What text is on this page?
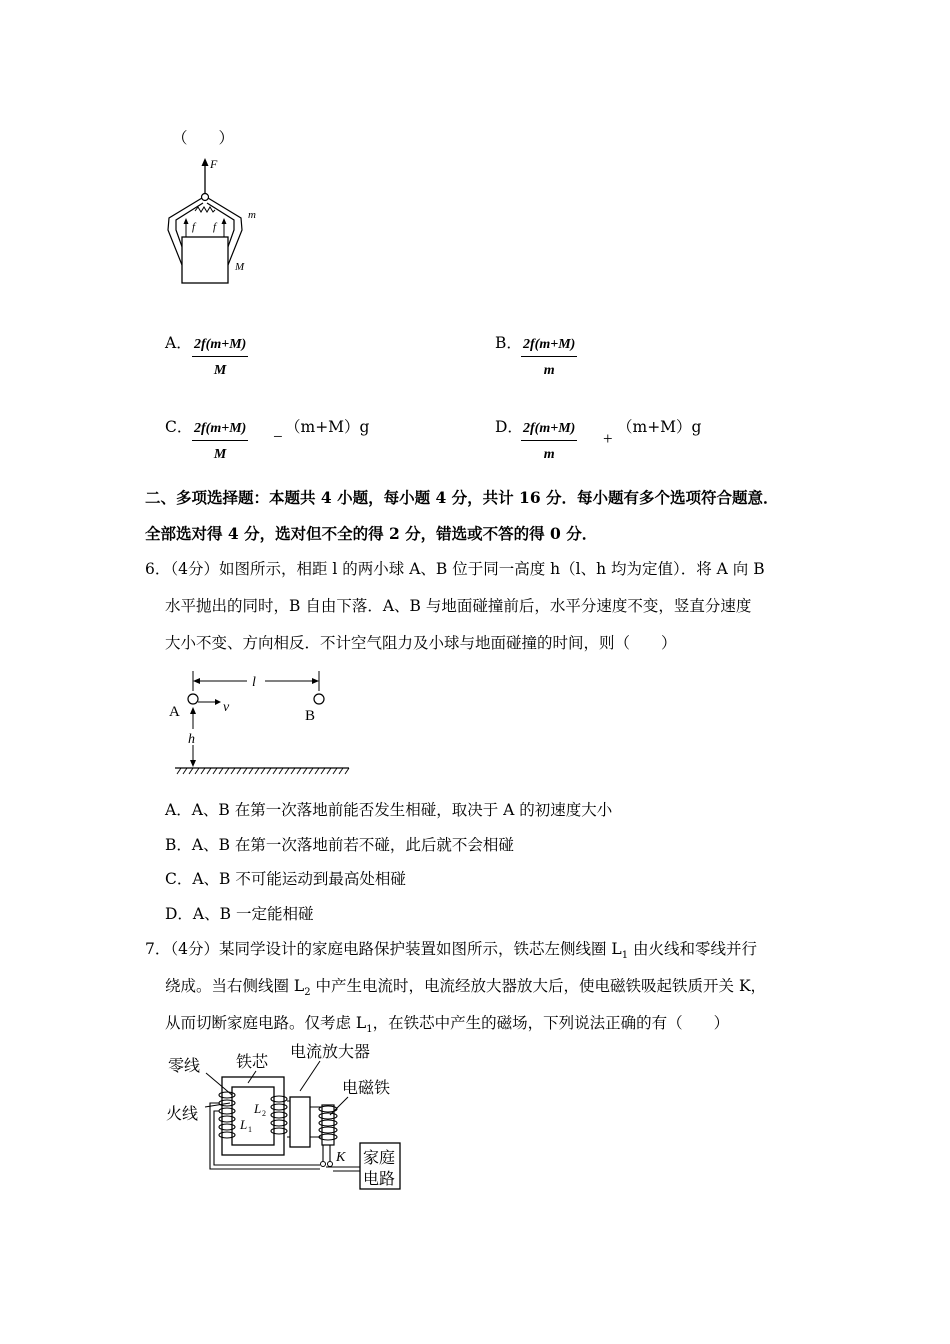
（　　）
F
f f
m
M
A． $\frac{2f(m+M)}{M}$	B． $\frac{2f(m+M)}{m}$
C． $\frac{2f(m+M)}{M} - (m+M)g$	D．
$\frac{2f(m+M)}{m}$ +
（m+M）g
二、多项选择题：本题共 4 小题，每小题 4 分，共计 16 分．每小题有多个选项符合题意．
全部选对得 4 分，选对但不全的得 2 分，错选或不答的得 0 分．
6．（4分）如图所示，相距 l 的两小球 A、B 位于同一高度 h（l、h 均为定值）．将 A 向 B
水平抛出的同时，B 自由下落．A、B 与地面碰撞前后，水平分速度不变，竖直分速度
大小不变、方向相反．不计空气阻力及小球与地面碰撞的时间，则（　　）
l
A	v
B
h
A．A、B 在第一次落地前能否发生相碰，取决于 A 的初速度大小
B．A、B 在第一次落地前若不碰，此后就不会相碰
C．A、B 不可能运动到最高处相碰
D．A、B 一定能相碰
7．（4分）某同学设计的家庭电路保护装置如图所示，铁芯左侧线圈 $L_1$ 由火线和零线并行
绕成。当右侧线圈 $L_2$ 中产生电流时，电流经放大器放大后，使电磁铁吸起铁质开关 K，
从而切断家庭电路。仅考虑 $L_1$，在铁芯中产生的磁场，下列说法正确的有（　　）
零线 铁芯
电流放大器
电磁铁
火线	L 2
L 1
K 家庭
电路
